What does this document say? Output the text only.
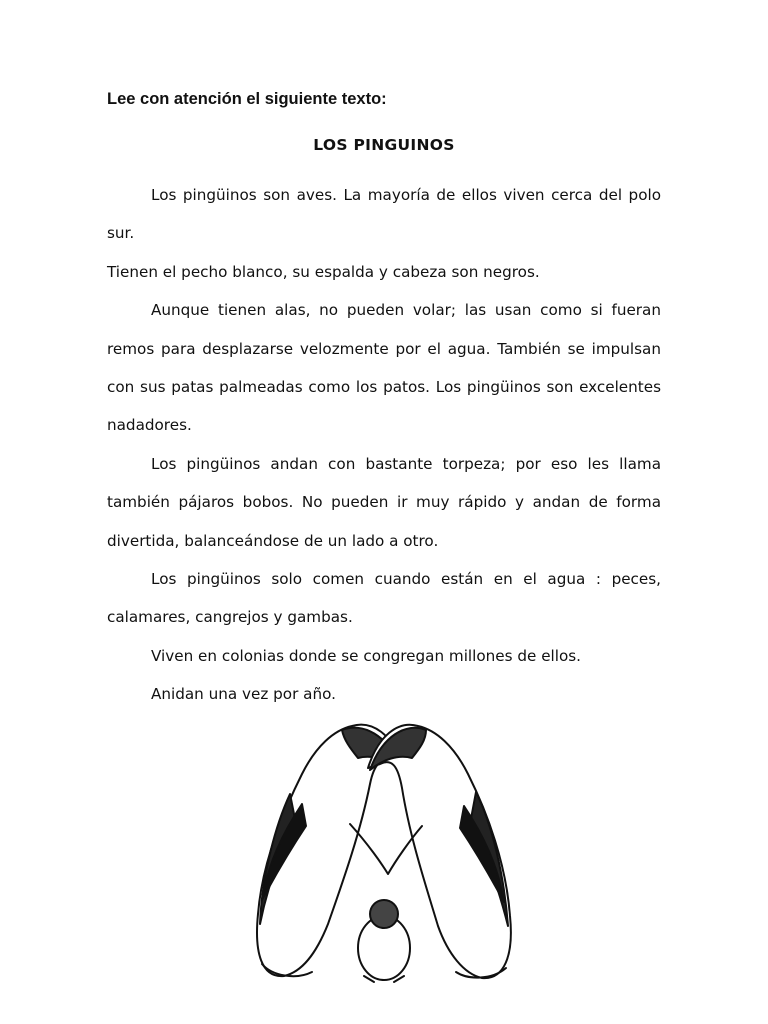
Lee con atención el siguiente texto:
LOS PINGUINOS

Los pingüinos son aves. La mayoría de ellos viven cerca del polo sur.

Tienen el pecho blanco, su espalda y cabeza son negros.

Aunque tienen alas, no pueden volar; las usan como si fueran remos para desplazarse velozmente por el agua. También se impulsan con sus patas palmeadas como los patos. Los pingüinos son excelentes nadadores.

Los pingüinos andan con bastante torpeza; por eso les llama también pájaros bobos. No pueden ir muy rápido y andan de forma divertida, balanceándose de un lado a otro.

Los pingüinos solo comen cuando están en el agua : peces, calamares, cangrejos y gambas.

Viven en colonias donde se congregan millones de ellos.

Anidan una vez por año.
